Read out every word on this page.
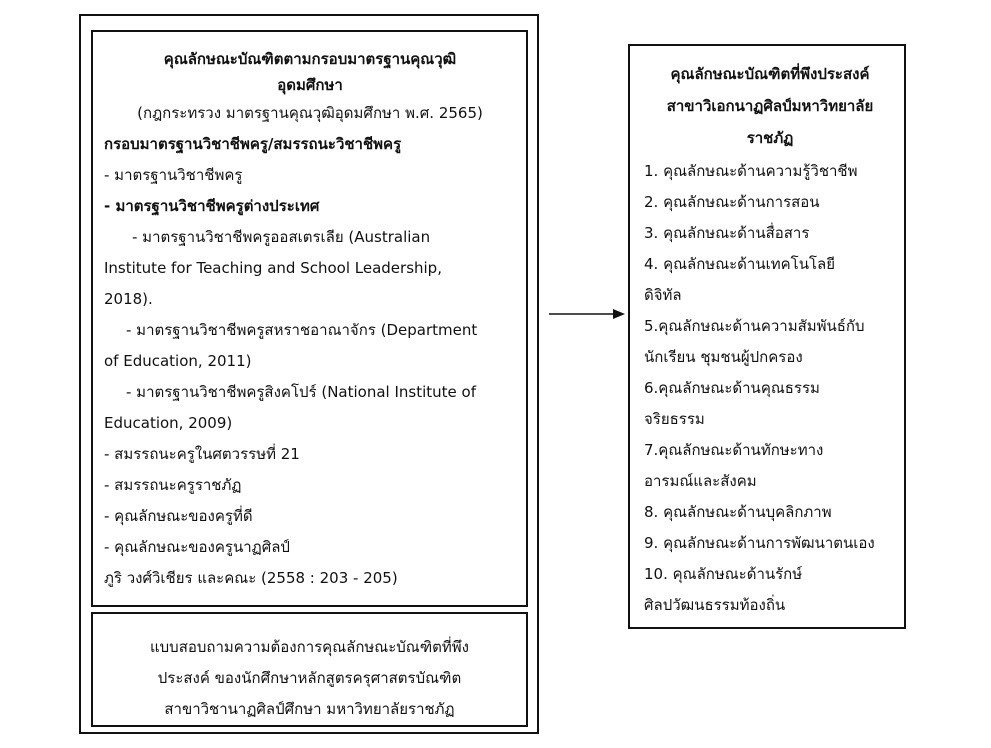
คุณลักษณะบัณฑิตตามกรอบมาตรฐานคุณวุฒิ
อุดมศึกษา
(กฎกระทรวง มาตรฐานคุณวุฒิอุดมศึกษา พ.ศ. 2565)
กรอบมาตรฐานวิชาชีพครู/สมรรถนะวิชาชีพครู
- มาตรฐานวิชาชีพครู
- มาตรฐานวิชาชีพครูต่างประเทศ
- มาตรฐานวิชาชีพครูออสเตรเลีย (Australian
Institute for Teaching and School Leadership,
2018).
- มาตรฐานวิชาชีพครูสหราชอาณาจักร (Department
of Education, 2011)
- มาตรฐานวิชาชีพครูสิงคโปร์ (National Institute of
Education, 2009)
- สมรรถนะครูในศตวรรษที่ 21
- สมรรถนะครูราชภัฏ
- คุณลักษณะของครูที่ดี
- คุณลักษณะของครูนาฏศิลป์
ภูริ วงศ์วิเชียร และคณะ (2558 : 203 - 205)
แบบสอบถามความต้องการคุณลักษณะบัณฑิตที่พึง
ประสงค์ ของนักศึกษาหลักสูตรครุศาสตรบัณฑิต
สาขาวิชานาฏศิลป์ศึกษา มหาวิทยาลัยราชภัฏ
คุณลักษณะบัณฑิตที่พึงประสงค์
สาขาวิเอกนาฏศิลป์มหาวิทยาลัย
ราชภัฏ
1. คุณลักษณะด้านความรู้วิชาชีพ
2. คุณลักษณะด้านการสอน
3. คุณลักษณะด้านสื่อสาร
4. คุณลักษณะด้านเทคโนโลยี
ดิจิทัล
5.คุณลักษณะด้านความสัมพันธ์กับ
นักเรียน ชุมชนผู้ปกครอง
6.คุณลักษณะด้านคุณธรรม
จริยธรรม
7.คุณลักษณะด้านทักษะทาง
อารมณ์และสังคม
8. คุณลักษณะด้านบุคลิกภาพ
9. คุณลักษณะด้านการพัฒนาตนเอง
10. คุณลักษณะด้านรักษ์
ศิลปวัฒนธรรมท้องถิ่น
